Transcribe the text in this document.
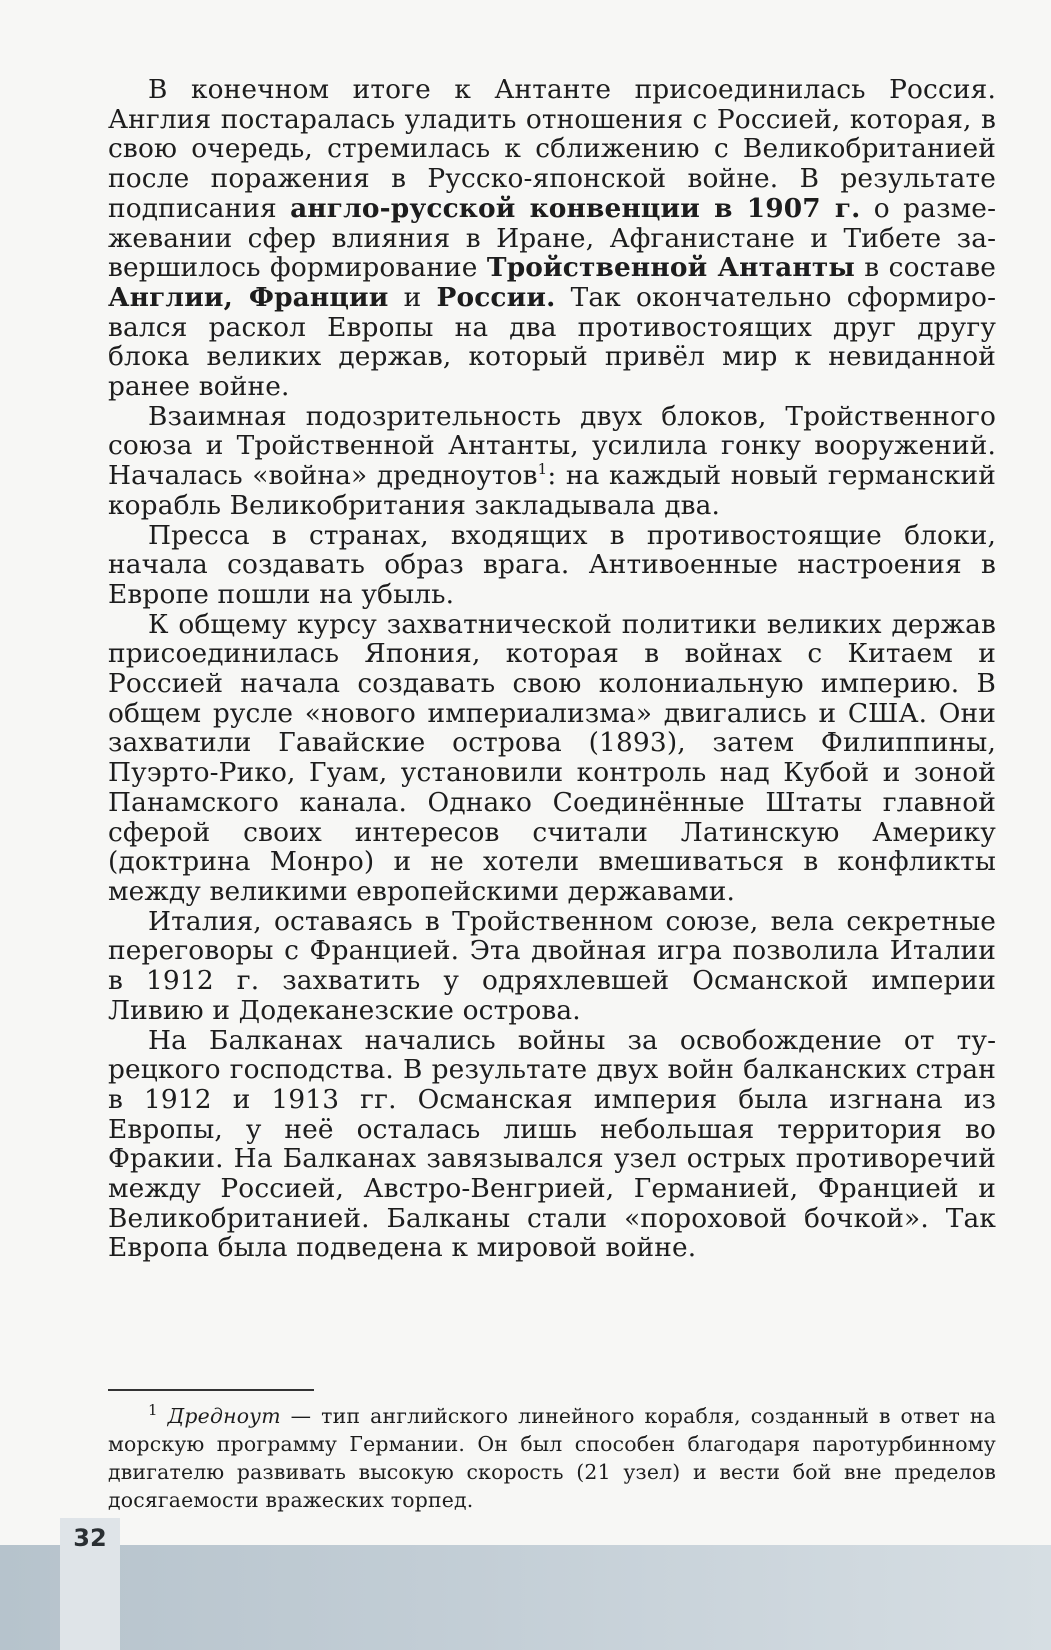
В конечном итоге к Антанте присоединилась Россия. Англия постаралась уладить отношения с Россией, которая, в свою очередь, стремилась к сближению с Великобританией после поражения в Русско-японской войне. В результате подписания англо-русской конвенции в 1907 г. о размежевании сфер влияния в Иране, Афганистане и Тибете завершилось формирование Тройственной Антанты в составе Англии, Франции и России. Так окончательно сформировался раскол Европы на два противостоящих друг другу блока великих держав, который привёл мир к невиданной ранее войне.

Взаимная подозрительность двух блоков, Тройственного союза и Тройственной Антанты, усилила гонку вооружений. Началась «война» дредноутов$^1$: на каждый новый германский корабль Великобритания закладывала два.

Пресса в странах, входящих в противостоящие блоки, начала создавать образ врага. Антивоенные настроения в Европе пошли на убыль.

К общему курсу захватнической политики великих держав присоединилась Япония, которая в войнах с Китаем и Россией начала создавать свою колониальную империю. В общем русле «нового империализма» двигались и США. Они захватили Гавайские острова (1893), затем Филиппины, Пуэрто-Рико, Гуам, установили контроль над Кубой и зоной Панамского канала. Однако Соединённые Штаты главной сферой своих интересов считали Латинскую Америку (доктрина Монро) и не хотели вмешиваться в конфликты между великими европейскими державами.

Италия, оставаясь в Тройственном союзе, вела секретные переговоры с Францией. Эта двойная игра позволила Италии в 1912 г. захватить у одряхлевшей Османской империи Ливию и Додеканезские острова.

На Балканах начались войны за освобождение от турецкого господства. В результате двух войн балканских стран в 1912 и 1913 гг. Османская империя была изгнана из Европы, у неё осталась лишь небольшая территория во Фракии. На Балканах завязывался узел острых противоречий между Россией, Австро-Венгрией, Германией, Францией и Великобританией. Балканы стали «пороховой бочкой». Так Европа была подведена к мировой войне.

$^1$ Дредноут — тип английского линейного корабля, созданный в ответ на морскую программу Германии. Он был способен благодаря паротурбинному двигателю развивать высокую скорость (21 узел) и вести бой вне пределов досягаемости вражеских торпед.

32
